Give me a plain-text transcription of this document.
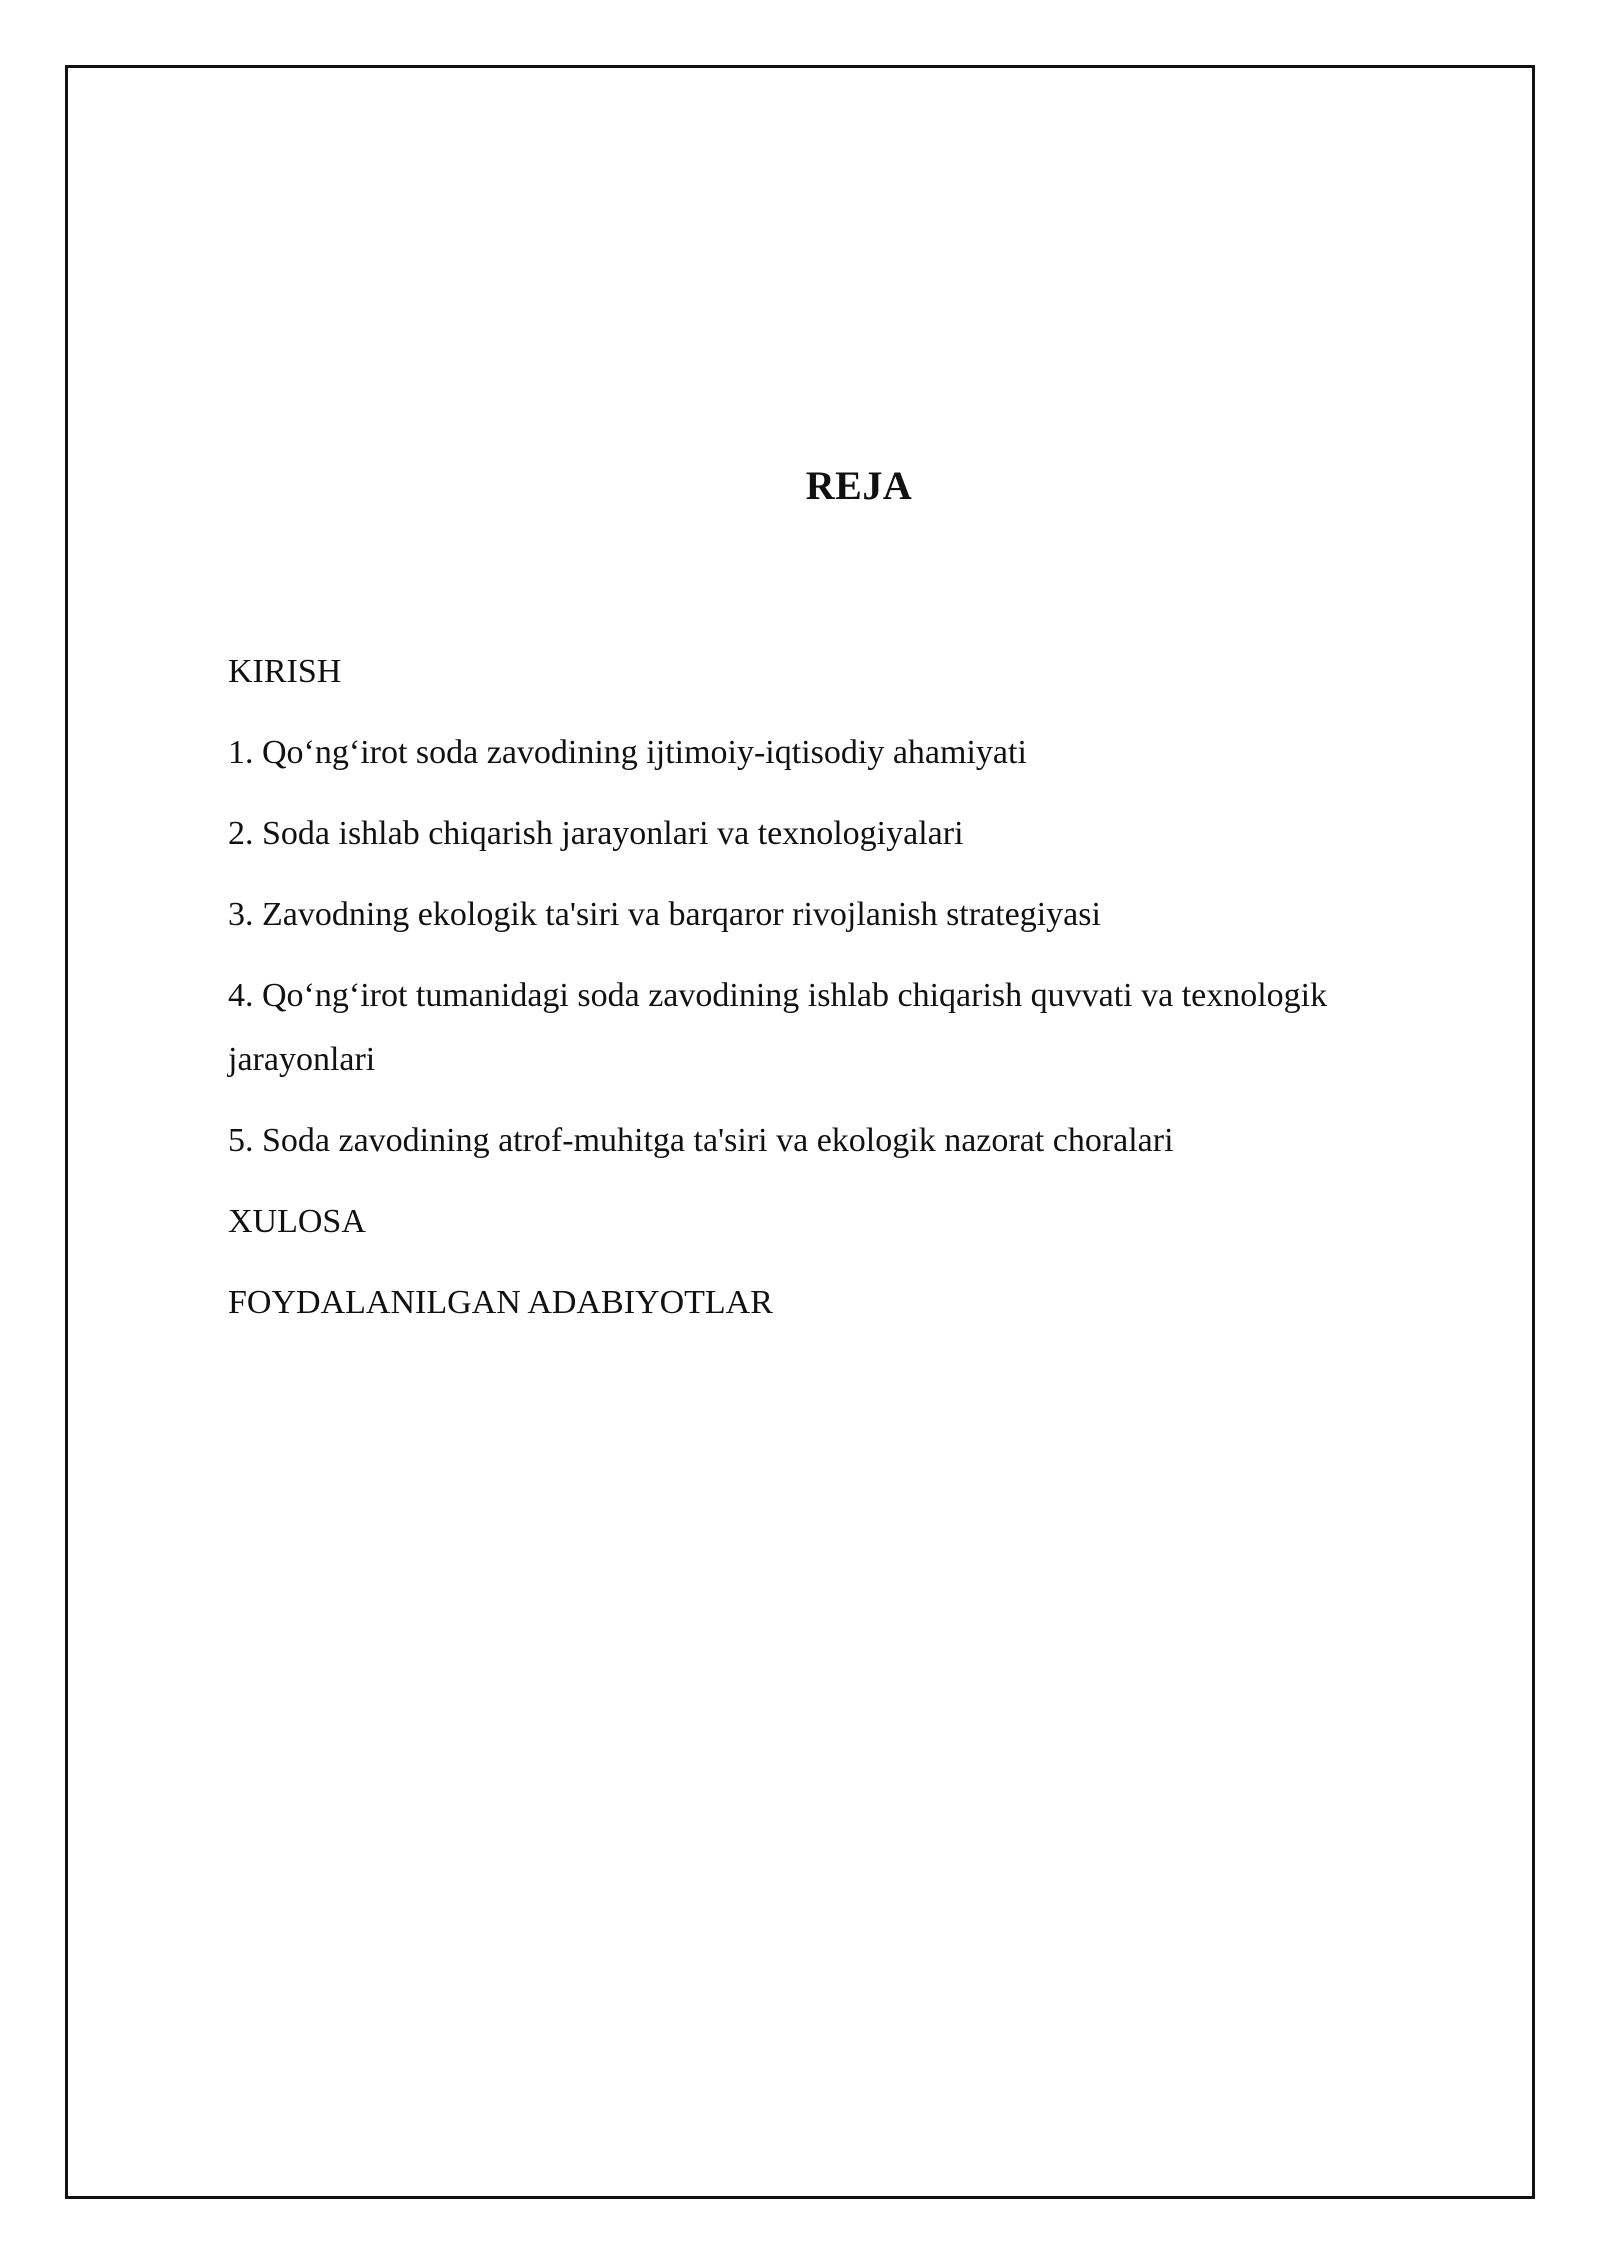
REJA
KIRISH
1. Qo‘ng‘irot soda zavodining ijtimoiy-iqtisodiy ahamiyati
2. Soda ishlab chiqarish jarayonlari va texnologiyalari
3. Zavodning ekologik ta'siri va barqaror rivojlanish strategiyasi
4. Qo‘ng‘irot tumanidagi soda zavodining ishlab chiqarish quvvati va texnologik jarayonlari
5. Soda zavodining atrof-muhitga ta'siri va ekologik nazorat choralari
XULOSA
FOYDALANILGAN ADABIYOTLAR
